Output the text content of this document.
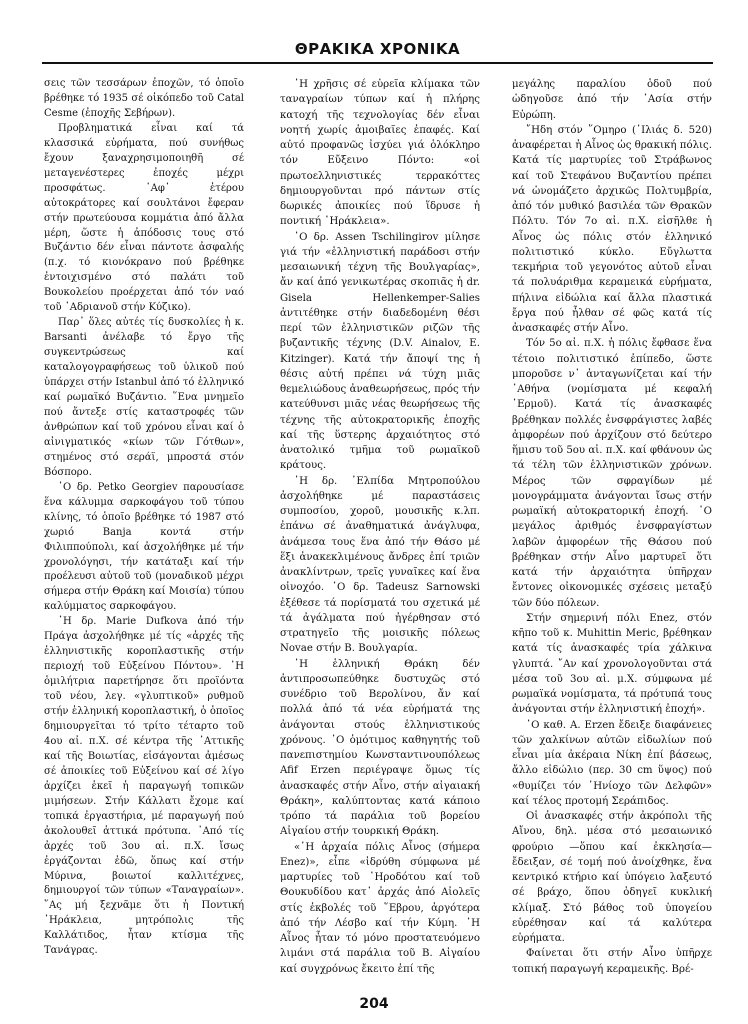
ΘΡΑΚΙΚΑ ΧΡΟΝΙΚΑ

σεις τῶν τεσσάρων ἐποχῶν, τό ὁποῖο βρέθηκε τό 1935 σέ οἰκόπεδο τοῦ Catal Cesme (ἐποχῆς Σεβήρων).

Προβληματικά εἶναι καί τά κλασσικά εὑρήματα, πού συνήθως ἔχουν ξαναχρησιμοποιηθῆ σέ μεταγενέστερες ἐποχές μέχρι προσφάτως. ᾿Αφ᾿ ἑτέρου αὐτοκράτορες καί σουλτάνοι ἔφεραν στήν πρωτεύουσα κομμάτια ἀπό ἄλλα μέρη, ὥστε ἡ ἀπόδοσις τους στό Βυζάντιο δέν εἶναι πάντοτε ἀσφαλής (π.χ. τό κιονόκρανο πού βρέθηκε ἐντοιχισμένο στό παλάτι τοῦ Βουκολείου προέρχεται ἀπό τόν ναό τοῦ ᾿Αδριανοῦ στήν Κύζικο).

Παρ᾿ ὅλες αὐτές τίς δυσκολίες ἡ κ. Barsanti ἀνέλαβε τό ἔργο τῆς συγκεντρώσεως καί καταλογογραφήσεως τοῦ ὑλικοῦ πού ὑπάρχει στήν Istanbul ἀπό τό ἑλληνικό καί ρωμαϊκό Βυζάντιο. ῞Ενα μνημεῖο πού ἄντεξε στίς καταστροφές τῶν ἀνθρώπων καί τοῦ χρόνου εἶναι καί ὁ αἰνιγματικός «κίων τῶν Γότθων», στημένος στό σεράϊ, μπροστά στόν Βόσπορο.

῾Ο δρ. Petko Georgiev παρουσίασε ἕνα κάλυμμα σαρκοφάγου τοῦ τύπου κλίνης, τό ὁποῖο βρέθηκε τό 1987 στό χωριό Banja κοντά στήν Φιλιππούπολι, καί ἀσχολήθηκε μέ τήν χρονολόγησι, τήν κατάταξι καί τήν προέλευσι αὐτοῦ τοῦ (μοναδικοῦ μέχρι σήμερα στήν Θράκη καί Μοισία) τύπου καλύμματος σαρκοφάγου.

῾Η δρ. Marie Dufkova ἀπό τήν Πράγα ἀσχολήθηκε μέ τίς «ἀρχές τῆς ἑλληνιστικῆς κοροπλαστικῆς στήν περιοχή τοῦ Εὐξείνου Πόντου». ῾Η ὁμιλήτρια παρετήρησε ὅτι προϊόντα τοῦ νέου, λεγ. «γλυπτικοῦ» ρυθμοῦ στήν ἑλληνική κοροπλαστική, ὁ ὁποῖος δημιουργεῖται τό τρίτο τέταρτο τοῦ 4ου αἰ. π.Χ. σέ κέντρα τῆς ᾿Αττικῆς καί τῆς Βοιωτίας, εἰσάγονται ἀμέσως σέ ἀποικίες τοῦ Εὐξείνου καί σέ λίγο ἀρχίζει ἐκεῖ ἡ παραγωγή τοπικῶν μιμήσεων. Στήν Κάλλατι ἔχομε καί τοπικά ἐργαστήρια, μέ παραγωγή πού ἀκολουθεῖ ἀττικά πρότυπα. ᾿Από τίς ἀρχές τοῦ 3ου αἰ. π.Χ. ἴσως ἐργάζονται ἐδῶ, ὅπως καί στήν Μύρινα, βοιωτοί καλλιτέχνες, δημιουργοί τῶν τύπων «Ταναγραίων». ῞Ας μή ξεχνᾶμε ὅτι ἡ Ποντική ῾Ηράκλεια, μητρόπολις τῆς Καλλάτιδος, ἦταν κτίσμα τῆς Τανάγρας.

῾Η χρῆσις σέ εὑρεῖα κλίμακα τῶν ταναγραίων τύπων καί ἡ πλήρης κατοχή τῆς τεχνολογίας δέν εἶναι νοητή χωρίς ἀμοιβαῖες ἐπαφές. Καί αὐτό προφανῶς ἰσχύει γιά ὁλόκληρο τόν Εὔξεινο Πόντο: «οἱ πρωτοελληνιστικές τερρακόττες δημιουργοῦνται πρό πάντων στίς δωρικές ἀποικίες πού ἵδρυσε ἡ ποντική ῾Ηράκλεια».

῾Ο δρ. Assen Tschilingirov μίλησε γιά τήν «ἑλληνιστική παράδοσι στήν μεσαιωνική τέχνη τῆς Βουλγαρίας», ἄν καί ἀπό γενικωτέρας σκοπιᾶς ἡ dr. Gisela Hellenkemper-Salies ἀντιτέθηκε στήν διαδεδομένη θέσι περί τῶν ἑλληνιστικῶν ριζῶν τῆς βυζαντικῆς τέχνης (D.V. Ainalov, E. Kitzinger). Κατά τήν ἄποψί της ἡ θέσις αὐτή πρέπει νά τύχη μιᾶς θεμελιώδους ἀναθεωρήσεως, πρός τήν κατεύθυνσι μιᾶς νέας θεωρήσεως τῆς τέχνης τῆς αὐτοκρατορικῆς ἐποχῆς καί τῆς ὕστερης ἀρχαιότητος στό ἀνατολικό τμῆμα τοῦ ρωμαϊκοῦ κράτους.

῾Η δρ. ᾿Ελπίδα Μητροπούλου ἀσχολήθηκε μέ παραστάσεις συμποσίου, χοροῦ, μουσικῆς κ.λπ. ἐπάνω σέ ἀναθηματικά ἀνάγλυφα, ἀνάμεσα τους ἕνα ἀπό τήν Θάσο μέ ἕξι ἀνακεκλιμένους ἄνδρες ἐπί τριῶν ἀνακλίντρων, τρεῖς γυναῖκες καί ἕνα οἰνοχόο. ῾Ο δρ. Tadeusz Sarnowski ἐξέθεσε τά πορίσματά του σχετικά μέ τά ἀγάλματα πού ἠγέρθησαν στό στρατηγεῖο τῆς μοισικῆς πόλεως Novae στήν Β. Βουλγαρία.

῾Η ἑλληνική Θράκη δέν ἀντιπροσωπεύθηκε δυστυχῶς στό συνέδριο τοῦ Βερολίνου, ἄν καί πολλά ἀπό τά νέα εὑρήματά της ἀνάγονται στούς ἑλληνιστικούς χρόνους. ῾Ο ὁμότιμος καθηγητής τοῦ πανεπιστημίου Κωνσταντινουπόλεως Afif Erzen περιέγραψε ὅμως τίς ἀνασκαφές στήν Αἶνο, στήν αἰγαιακή Θράκη», καλύπτοντας κατά κάποιο τρόπο τά παράλια τοῦ βορείου Αἰγαίου στήν τουρκική Θράκη.

«῾Η ἀρχαία πόλις Αἶνος (σήμερα Enez)», εἶπε «ἱδρύθη σύμφωνα μέ μαρτυρίες τοῦ ῾Ηροδότου καί τοῦ Θουκυδίδου κατ᾿ ἀρχάς ἀπό Αἰολεῖς στίς ἐκβολές τοῦ ῞Εβρου, ἀργότερα ἀπό τήν Λέσβο καί τήν Κύμη. ῾Η Αἶνος ἦταν τό μόνο προστατευόμενο λιμάνι στά παράλια τοῦ Β. Αἰγαίου καί συγχρόνως ἔκειτο ἐπί τῆς

μεγάλης παραλίου ὁδοῦ πού ὡδηγοῦσε ἀπό τήν ᾿Ασία στήν Εὐρώπη.

῎Ηδη στόν ῞Ομηρο (᾿Ιλιάς δ. 520) ἀναφέρεται ἡ Αἶνος ὡς θρακική πόλις. Κατά τίς μαρτυρίες τοῦ Στράβωνος καί τοῦ Στεφάνου Βυζαντίου πρέπει νά ὠνομάζετο ἀρχικῶς Πολτυμβρία, ἀπό τόν μυθικό βασιλέα τῶν Θρακῶν Πόλτυ. Τόν 7ο αἰ. π.Χ. εἰσῆλθε ἡ Αἶνος ὡς πόλις στόν ἑλληνικό πολιτιστικό κύκλο. Εὔγλωττα τεκμήρια τοῦ γεγονότος αὐτοῦ εἶναι τά πολυάριθμα κεραμεικά εὑρήματα, πήλινα εἰδώλια καί ἄλλα πλαστικά ἔργα πού ἦλθαν σέ φῶς κατά τίς ἀνασκαφές στήν Αἶνο.

Τόν 5ο αἰ. π.Χ. ἡ πόλις ἔφθασε ἕνα τέτοιο πολιτιστικό ἐπίπεδο, ὥστε μποροῦσε ν᾿ ἀνταγωνίζεται καί τήν ᾿Αθήνα (νομίσματα μέ κεφαλή ῾Ερμοῦ). Κατά τίς ἀνασκαφές βρέθηκαν πολλές ἐνσφράγιστες λαβές ἀμφορέων πού ἀρχίζουν στό δεύτερο ἥμισυ τοῦ 5ου αἰ. π.Χ. καί φθάνουν ὡς τά τέλη τῶν ἑλληνιστικῶν χρόνων. Μέρος τῶν σφραγίδων μέ μονογράμματα ἀνάγονται ἴσως στήν ρωμαϊκή αὐτοκρατορική ἐποχή. ῾Ο μεγάλος ἀριθμός ἐνσφραγίστων λαβῶν ἀμφορέων τῆς Θάσου πού βρέθηκαν στήν Αἶνο μαρτυρεῖ ὅτι κατά τήν ἀρχαιότητα ὑπῆρχαν ἔντονες οἰκονομικές σχέσεις μεταξύ τῶν δύο πόλεων.

Στήν σημερινή πόλι Enez, στόν κῆπο τοῦ κ. Muhittin Meric, βρέθηκαν κατά τίς ἀνασκαφές τρία χάλκινα γλυπτά. ῎Αν καί χρονολογοῦνται στά μέσα τοῦ 3ου αἰ. μ.Χ. σύμφωνα μέ ρωμαϊκά νομίσματα, τά πρότυπά τους ἀνάγονται στήν ἑλληνιστική ἐποχή».

῾Ο καθ. A. Erzen ἔδειξε διαφάνειες τῶν χαλκίνων αὐτῶν εἰδωλίων πού εἶναι μία ἀκέραια Νίκη ἐπί βάσεως, ἄλλο εἰδώλιο (περ. 30 cm ὕψος) πού «θυμίζει τόν ῾Ηνίοχο τῶν Δελφῶν» καί τέλος προτομή Σεράπιδος.

Οἱ ἀνασκαφές στήν ἀκρόπολι τῆς Αἴνου, δηλ. μέσα στό μεσαιωνικό φρούριο —ὅπου καί ἐκκλησία— ἔδειξαν, σέ τομή πού ἀνοίχθηκε, ἕνα κεντρικό κτήριο καί ὑπόγειο λαξευτό σέ βράχο, ὅπου ὁδηγεῖ κυκλική κλίμαξ. Στό βάθος τοῦ ὑπογείου εὑρέθησαν καί τά καλύτερα εὑρήματα.

Φαίνεται ὅτι στήν Αἶνο ὑπῆρχε τοπική παραγωγή κεραμεικῆς. Βρέ-

204
